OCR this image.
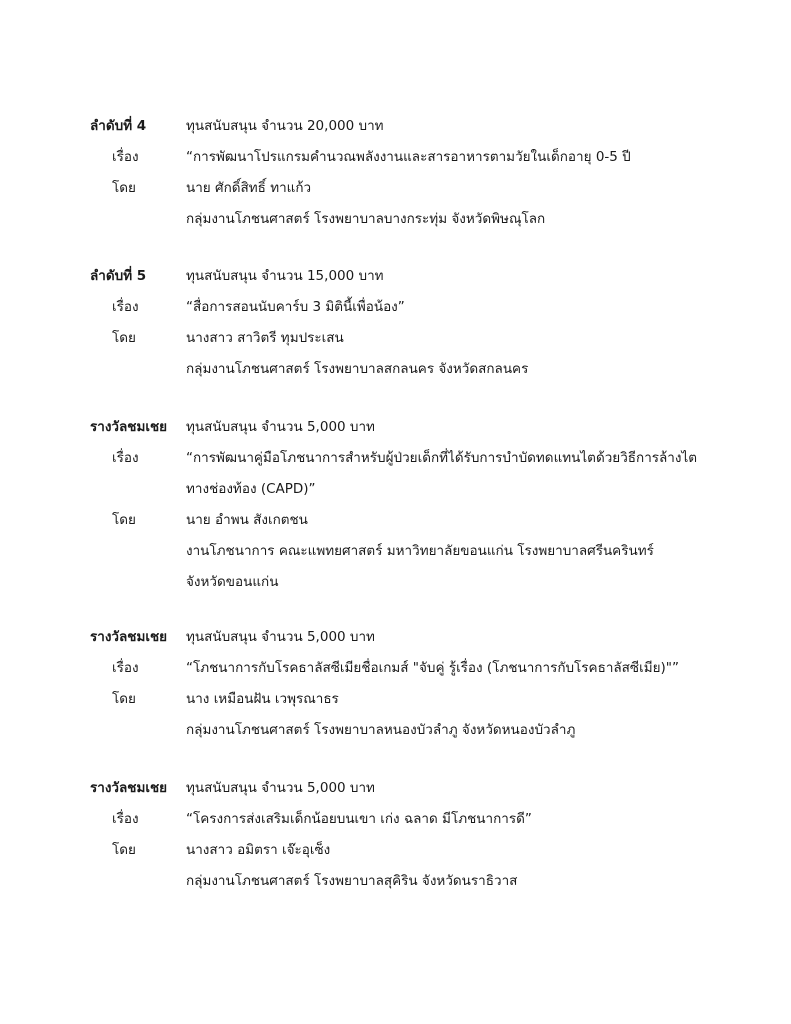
ลำดับที่ 4	ทุนสนับสนุน จำนวน 20,000 บาท
เรื่อง	“การพัฒนาโปรแกรมคำนวณพลังงานและสารอาหารตามวัยในเด็กอายุ 0-5 ปี
โดย	นาย ศักดิ์สิทธิ์ ทาแก้ว
กลุ่มงานโภชนศาสตร์ โรงพยาบาลบางกระทุ่ม จังหวัดพิษณุโลก
ลำดับที่ 5	ทุนสนับสนุน จำนวน 15,000 บาท
เรื่อง	“สื่อการสอนนับคาร์บ 3 มิตินี้เพื่อน้อง”
โดย	นางสาว สาวิตรี ทุมประเสน
กลุ่มงานโภชนศาสตร์ โรงพยาบาลสกลนคร จังหวัดสกลนคร
รางวัลชมเชย ทุนสนับสนุน จำนวน 5,000 บาท
เรื่อง	“การพัฒนาคู่มือโภชนาการสำหรับผู้ป่วยเด็กที่ได้รับการบำบัดทดแทนไตด้วยวิธีการล้างไต
ทางช่องท้อง (CAPD)”
โดย	นาย อำพน สังเกตชน
งานโภชนาการ คณะแพทยศาสตร์ มหาวิทยาลัยขอนแก่น โรงพยาบาลศรีนครินทร์
จังหวัดขอนแก่น
รางวัลชมเชย ทุนสนับสนุน จำนวน 5,000 บาท
เรื่อง	“โภชนาการกับโรคธาลัสซีเมียชื่อเกมส์ "จับคู่ รู้เรื่อง (โภชนาการกับโรคธาลัสซีเมีย)"”
โดย	นาง เหมือนฝัน เวพุรณาธร
กลุ่มงานโภชนศาสตร์ โรงพยาบาลหนองบัวลำภู จังหวัดหนองบัวลำภู
รางวัลชมเชย ทุนสนับสนุน จำนวน 5,000 บาท
เรื่อง	“โครงการส่งเสริมเด็กน้อยบนเขา เก่ง ฉลาด มีโภชนาการดี”
โดย	นางสาว อมิตรา เจ๊ะอุเซ็ง
กลุ่มงานโภชนศาสตร์ โรงพยาบาลสุคิริน จังหวัดนราธิวาส
